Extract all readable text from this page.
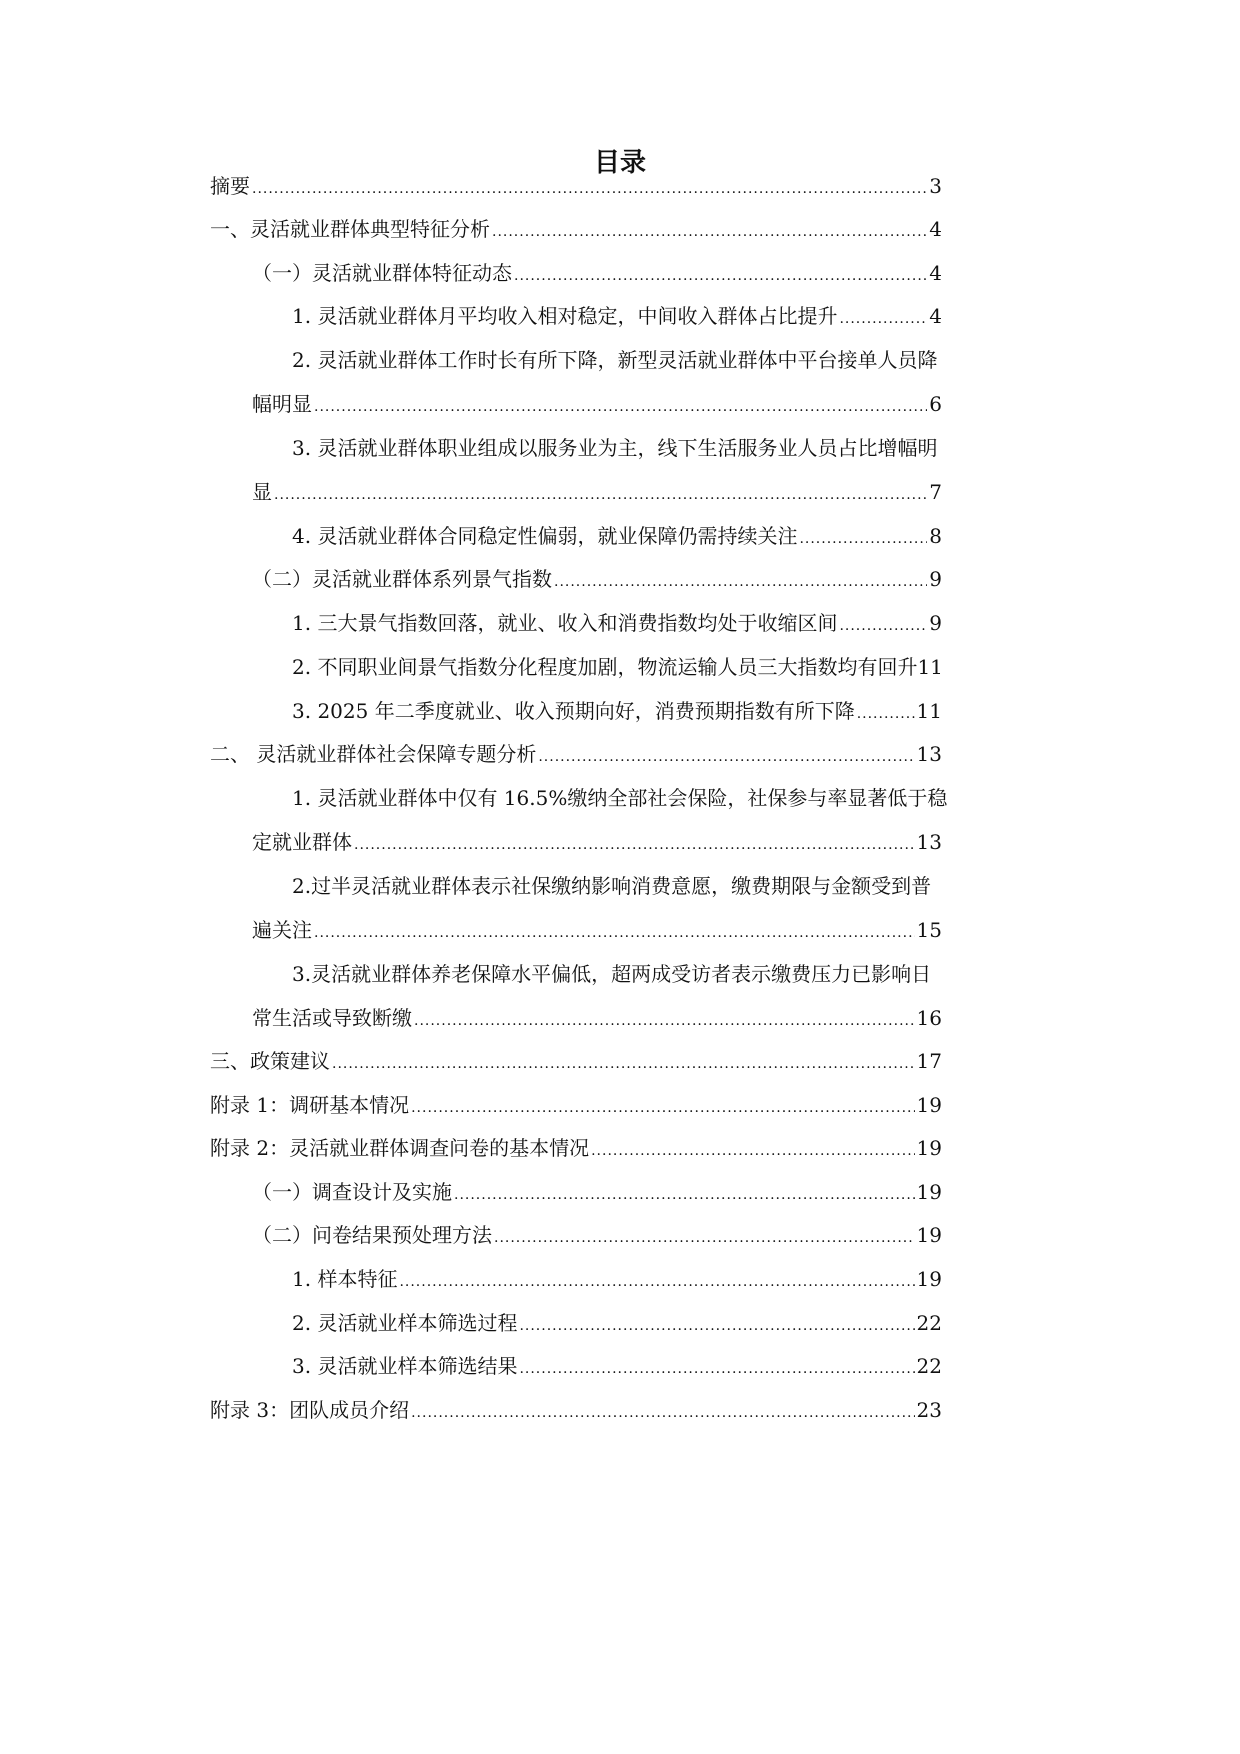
目录
摘要 .....	3
一、灵活就业群体典型特征分析 .....	4
（一）灵活就业群体特征动态 .....	4
1. 灵活就业群体月平均收入相对稳定，中间收入群体占比提升 .....	4
2. 灵活就业群体工作时长有所下降，新型灵活就业群体中平台接单人员降
幅明显 .....	6
3. 灵活就业群体职业组成以服务业为主，线下生活服务业人员占比增幅明
显 .....	7
4. 灵活就业群体合同稳定性偏弱，就业保障仍需持续关注 .....	8
（二）灵活就业群体系列景气指数 .....	9
1. 三大景气指数回落，就业、收入和消费指数均处于收缩区间 .....	9
2. 不同职业间景气指数分化程度加剧，物流运输人员三大指数均有回升 11
3. 2025 年二季度就业、收入预期向好，消费预期指数有所下降 .....	11
二、 灵活就业群体社会保障专题分析 .....	13
1. 灵活就业群体中仅有 16.5%缴纳全部社会保险，社保参与率显著低于稳
定就业群体 .....	13
2.过半灵活就业群体表示社保缴纳影响消费意愿，缴费期限与金额受到普
遍关注 .....	15
3.灵活就业群体养老保障水平偏低，超两成受访者表示缴费压力已影响日
常生活或导致断缴 .....	16
三、政策建议 .....	17
附录 1：调研基本情况 .....	19
附录 2：灵活就业群体调查问卷的基本情况 .....	19
（一）调查设计及实施 .....	19
（二）问卷结果预处理方法 .....	19
1. 样本特征 .....	19
2. 灵活就业样本筛选过程 .....	22
3. 灵活就业样本筛选结果 .....	22
附录 3：团队成员介绍 .....	23
